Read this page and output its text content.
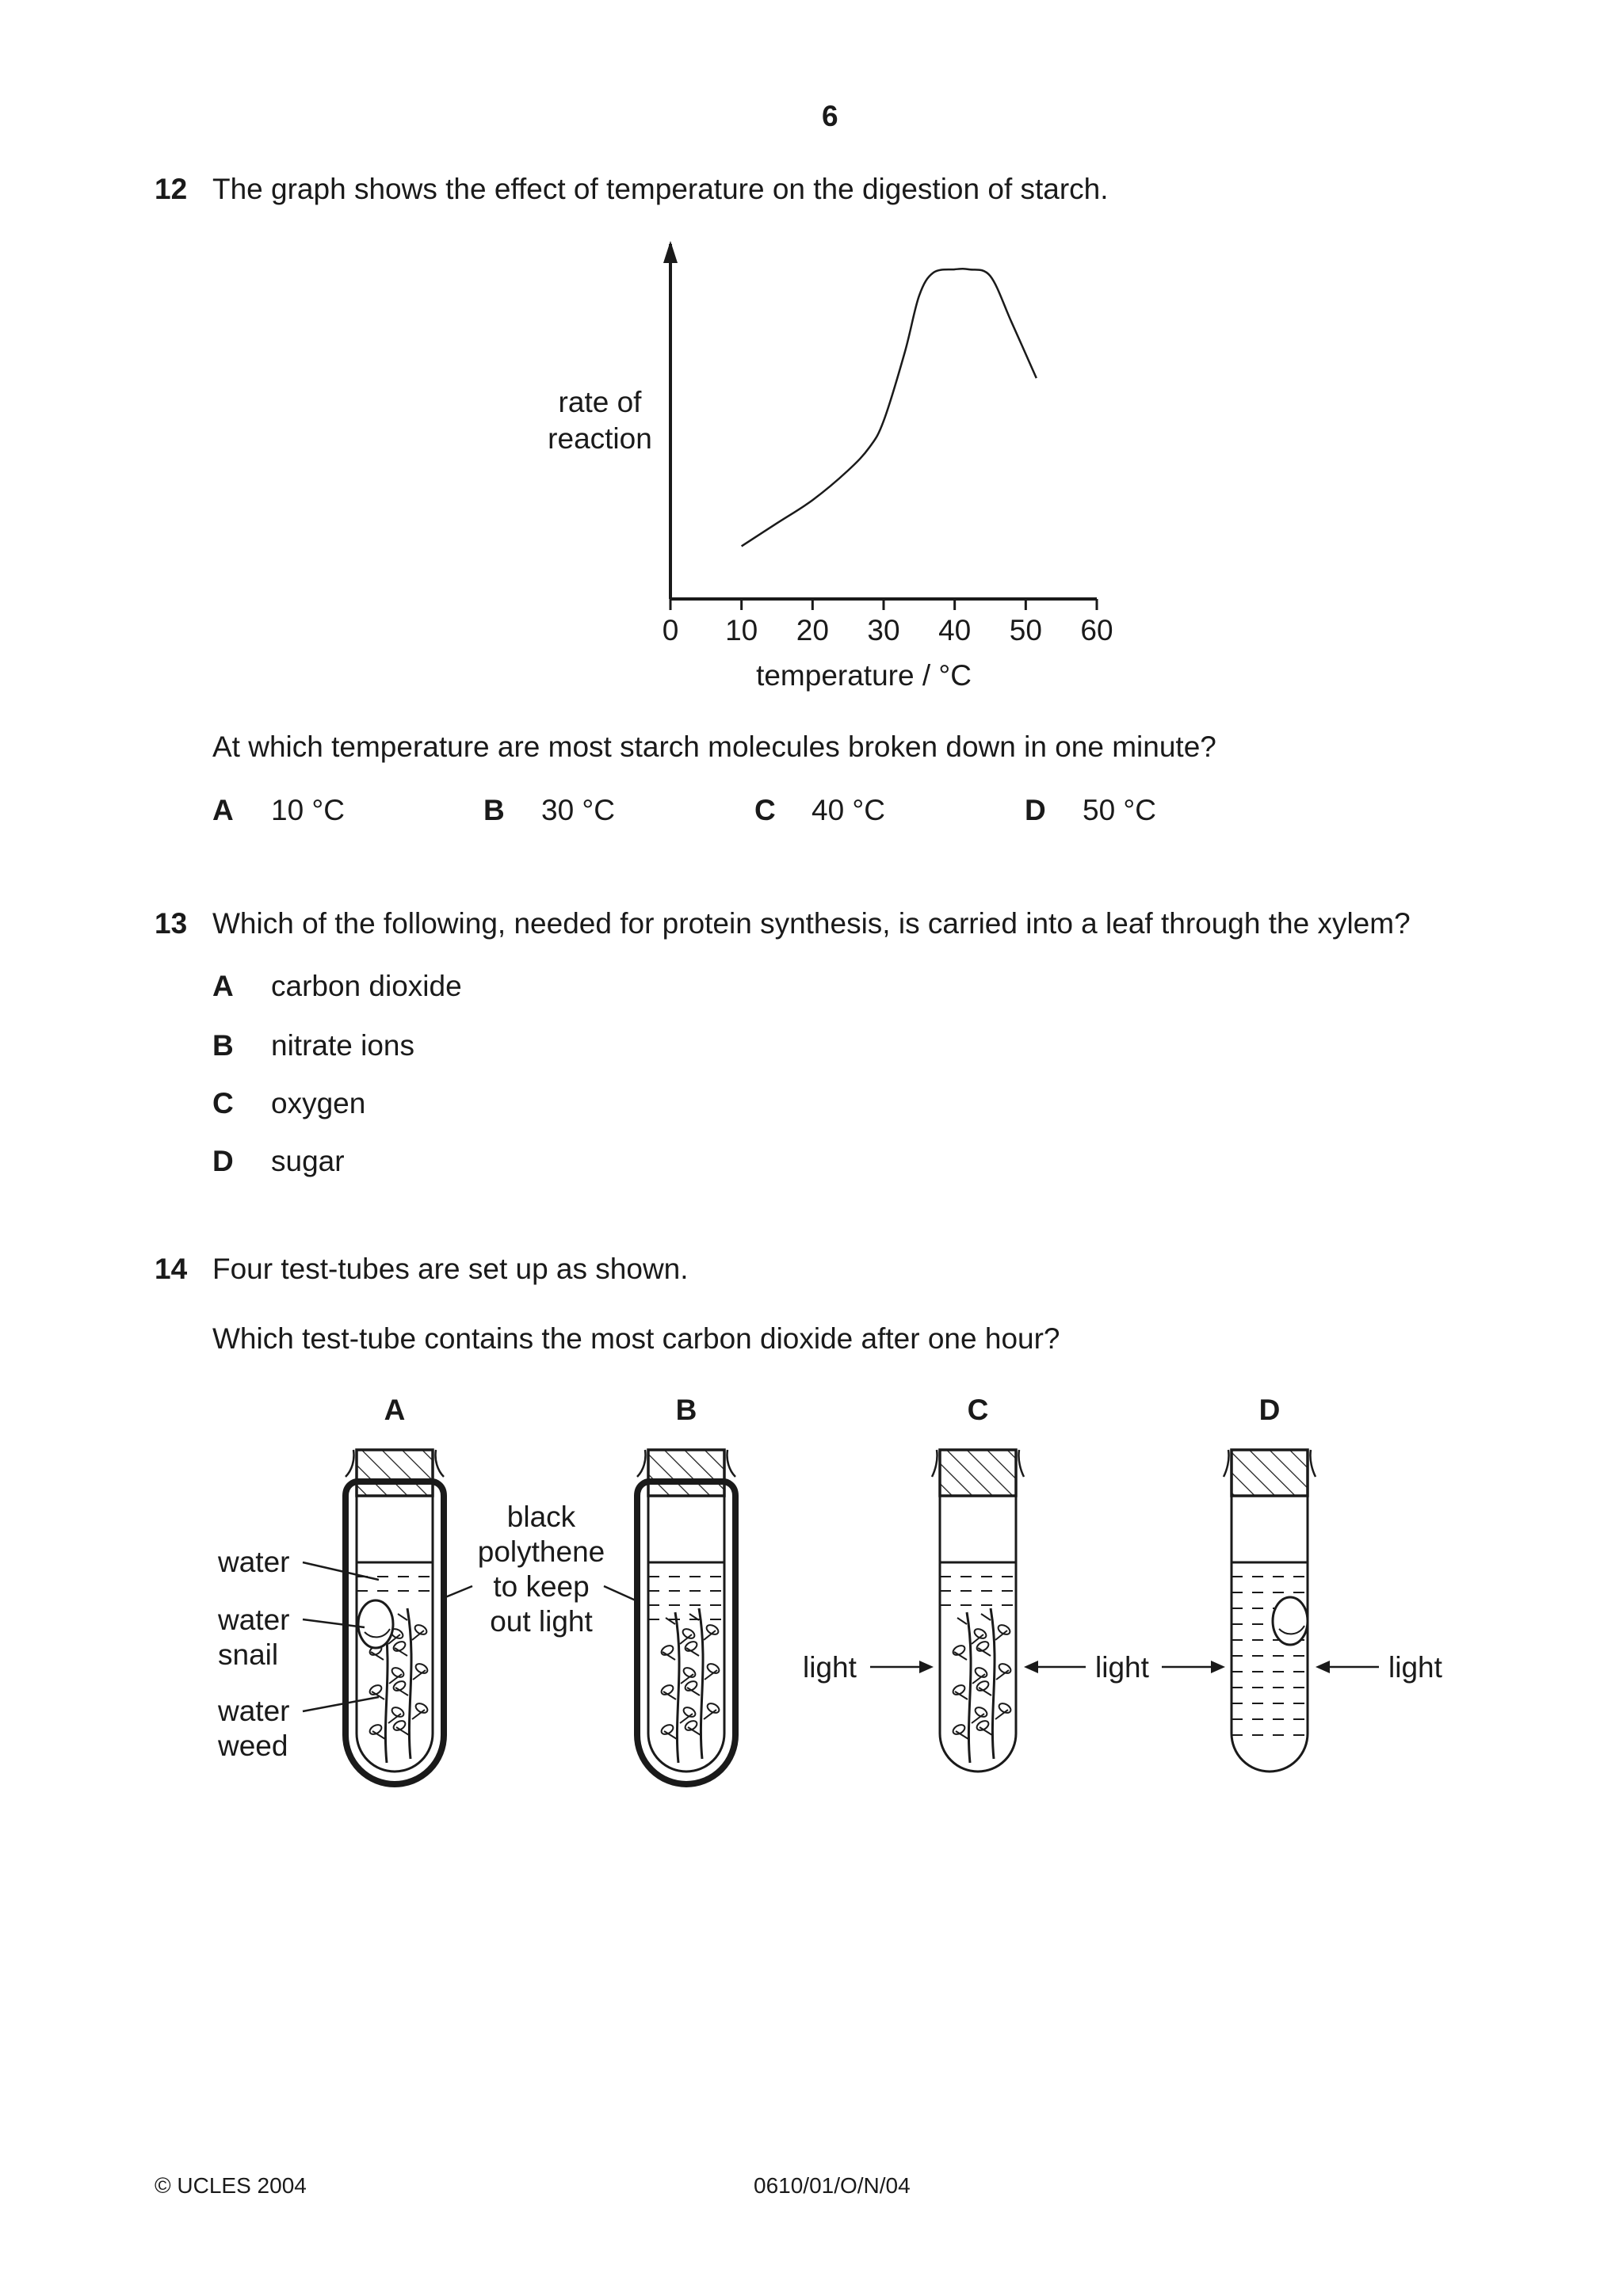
6
12 The graph shows the effect of temperature on the digestion of starch.
0 10 20 30 40 50 60
rate of
reaction
temperature / °C
At which temperature are most starch molecules broken down in one minute?
A 10 °C	B 30 °C	C 40 °C	D 50 °C
13 Which of the following, needed for protein synthesis, is carried into a leaf through the xylem?
A carbon dioxide
B nitrate ions
C oxygen
D sugar
14 Four test-tubes are set up as shown.
Which test-tube contains the most carbon dioxide after one hour?
A	B	C	D
water
water
snail
water
weed
black
polythene
to keep
out light
light	light	light
© UCLES 2004	0610/01/O/N/04
